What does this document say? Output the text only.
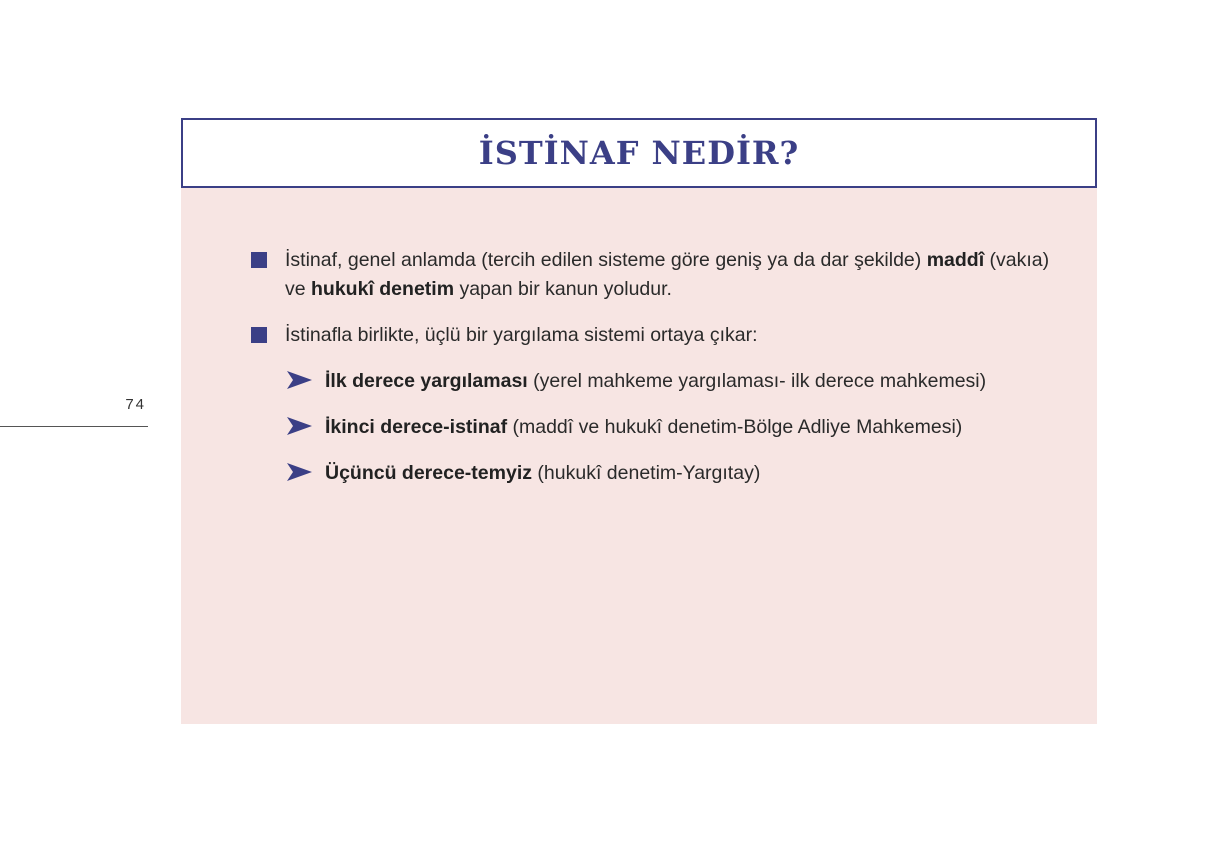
74
İSTİNAF NEDİR?
İstinaf, genel anlamda (tercih edilen sisteme göre geniş ya da dar şekilde) maddî (vakıa) ve hukukî denetim yapan bir kanun yoludur.
İstinafla birlikte, üçlü bir yargılama sistemi ortaya çıkar:
İlk derece yargılaması (yerel mahkeme yargılaması- ilk derece mahkemesi)
İkinci derece-istinaf (maddî ve hukukî denetim-Bölge Adliye Mahkemesi)
Üçüncü derece-temyiz (hukukî denetim-Yargıtay)
